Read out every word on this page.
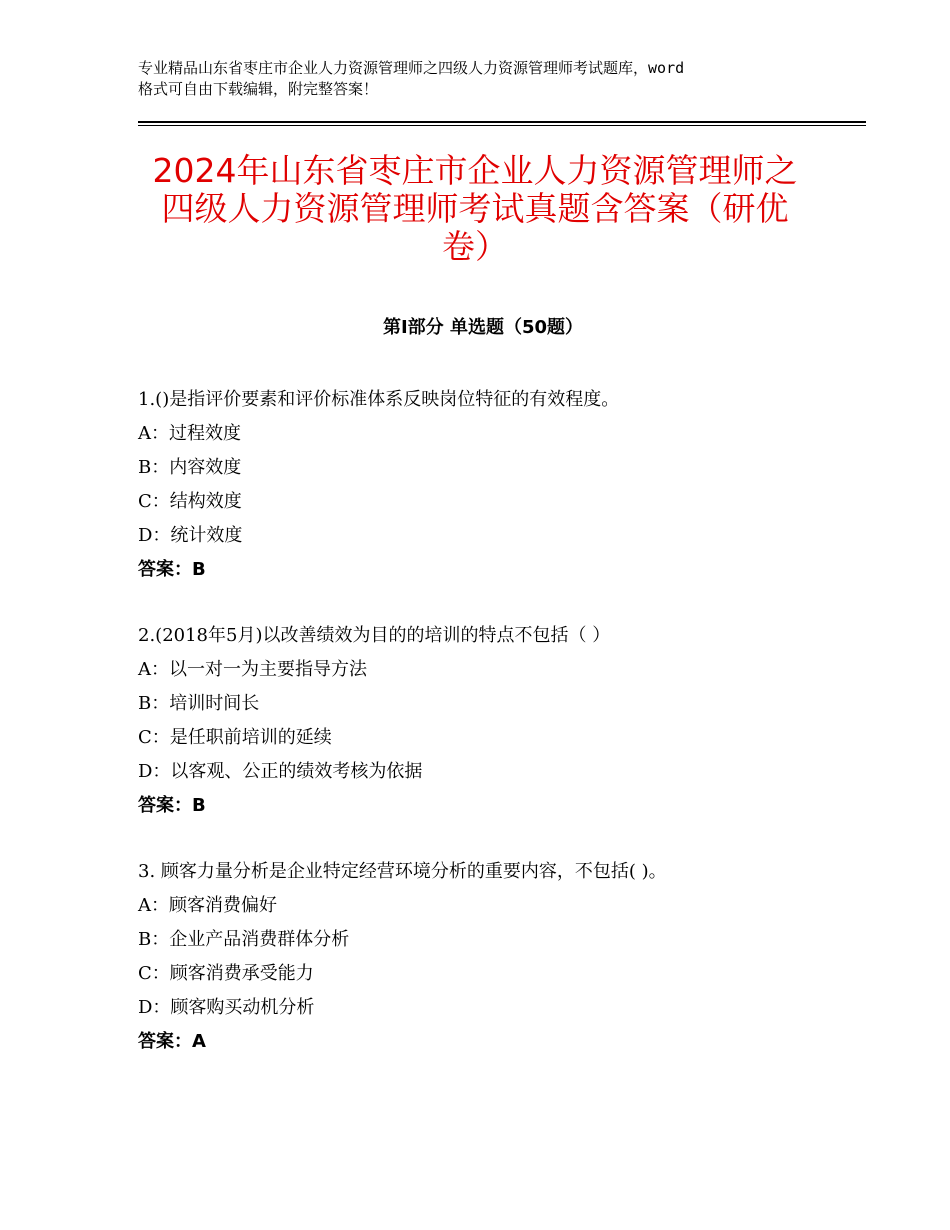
专业精品山东省枣庄市企业人力资源管理师之四级人力资源管理师考试题库，word
格式可自由下载编辑，附完整答案！
2024年山东省枣庄市企业人力资源管理师之
四级人力资源管理师考试真题含答案（研优
卷）
第Ⅰ部分 单选题（50题）
1.()是指评价要素和评价标准体系反映岗位特征的有效程度。
A：过程效度
B：内容效度
C：结构效度
D：统计效度
答案：B
2.(2018年5月)以改善绩效为目的的培训的特点不包括（ ）
A：以一对一为主要指导方法
B：培训时间长
C：是任职前培训的延续
D：以客观、公正的绩效考核为依据
答案：B
3. 顾客力量分析是企业特定经营环境分析的重要内容，不包括( )。
A：顾客消费偏好
B：企业产品消费群体分析
C：顾客消费承受能力
D：顾客购买动机分析
答案：A
